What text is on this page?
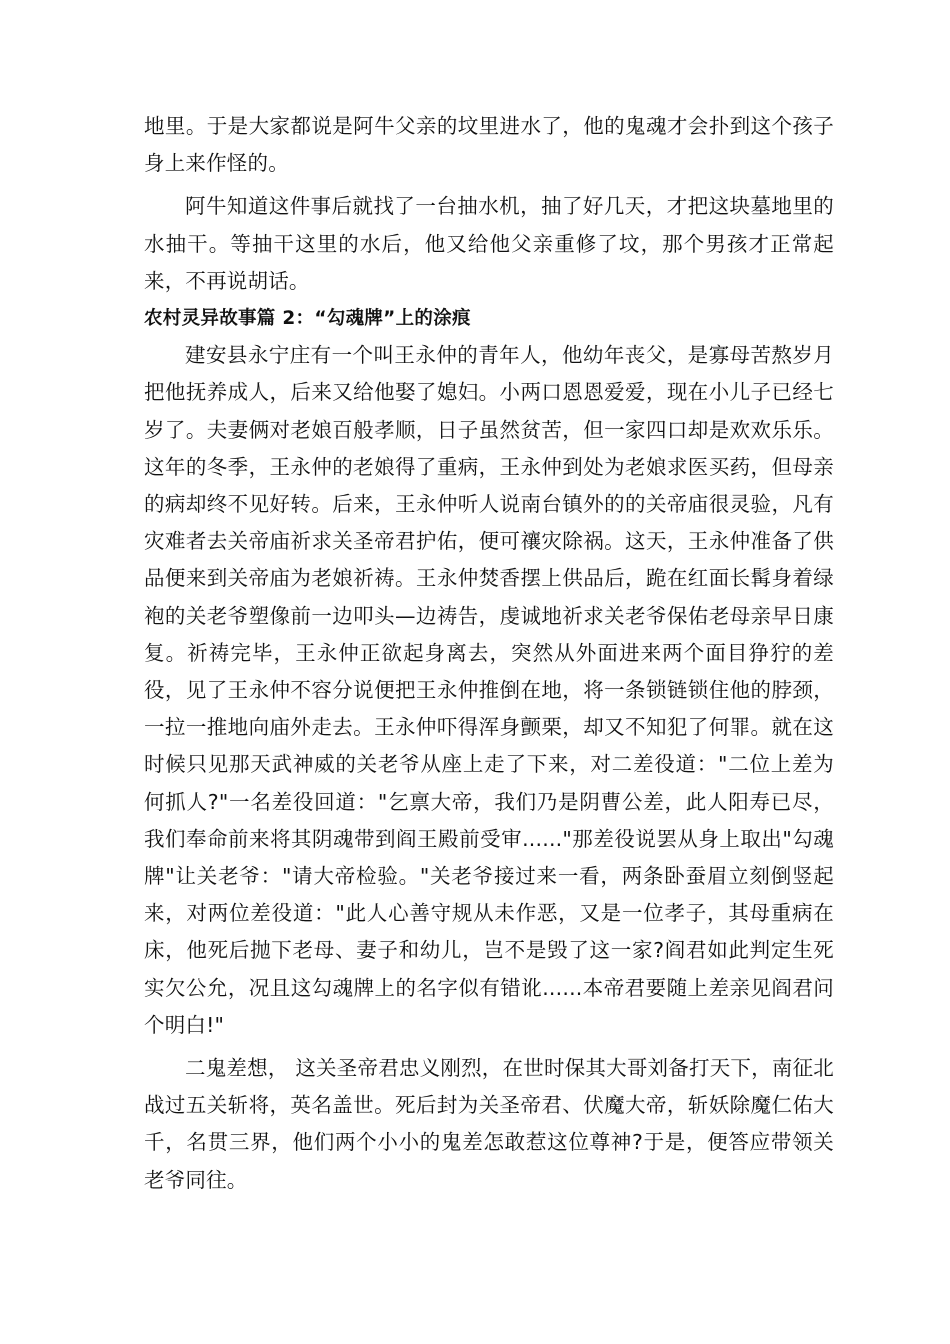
地里。于是大家都说是阿牛父亲的坟里进水了，他的鬼魂才会扑到这个孩子身上来作怪的。

阿牛知道这件事后就找了一台抽水机，抽了好几天，才把这块墓地里的水抽干。等抽干这里的水后，他又给他父亲重修了坟，那个男孩才正常起来，不再说胡话。

农村灵异故事篇 2：“勾魂牌”上的涂痕

建安县永宁庄有一个叫王永仲的青年人，他幼年丧父，是寡母苦熬岁月把他抚养成人，后来又给他娶了媳妇。小两口恩恩爱爱，现在小儿子已经七岁了。夫妻俩对老娘百般孝顺，日子虽然贫苦，但一家四口却是欢欢乐乐。这年的冬季，王永仲的老娘得了重病，王永仲到处为老娘求医买药，但母亲的病却终不见好转。后来，王永仲听人说南台镇外的的关帝庙很灵验，凡有灾难者去关帝庙祈求关圣帝君护佑，便可禳灾除祸。这天，王永仲准备了供品便来到关帝庙为老娘祈祷。王永仲焚香摆上供品后，跪在红面长髯身着绿袍的关老爷塑像前一边叩头—边祷告，虔诚地祈求关老爷保佑老母亲早日康复。祈祷完毕，王永仲正欲起身离去，突然从外面进来两个面目狰狞的差役，见了王永仲不容分说便把王永仲推倒在地，将一条锁链锁住他的脖颈，一拉一推地向庙外走去。王永仲吓得浑身颤栗，却又不知犯了何罪。就在这时候只见那天武神威的关老爷从座上走了下来，对二差役道："二位上差为何抓人?"一名差役回道："乞禀大帝，我们乃是阴曹公差，此人阳寿已尽，我们奉命前来将其阴魂带到阎王殿前受审......"那差役说罢从身上取出"勾魂牌"让关老爷："请大帝检验。"关老爷接过来一看，两条卧蚕眉立刻倒竖起来，对两位差役道："此人心善守规从未作恶，又是一位孝子，其母重病在床，他死后抛下老母、妻子和幼儿，岂不是毁了这一家?阎君如此判定生死实欠公允，况且这勾魂牌上的名字似有错讹......本帝君要随上差亲见阎君问个明白!"

二鬼差想， 这关圣帝君忠义刚烈，在世时保其大哥刘备打天下，南征北战过五关斩将，英名盖世。死后封为关圣帝君、伏魔大帝，斩妖除魔仁佑大千，名贯三界，他们两个小小的鬼差怎敢惹这位尊神?于是，便答应带领关老爷同往。
